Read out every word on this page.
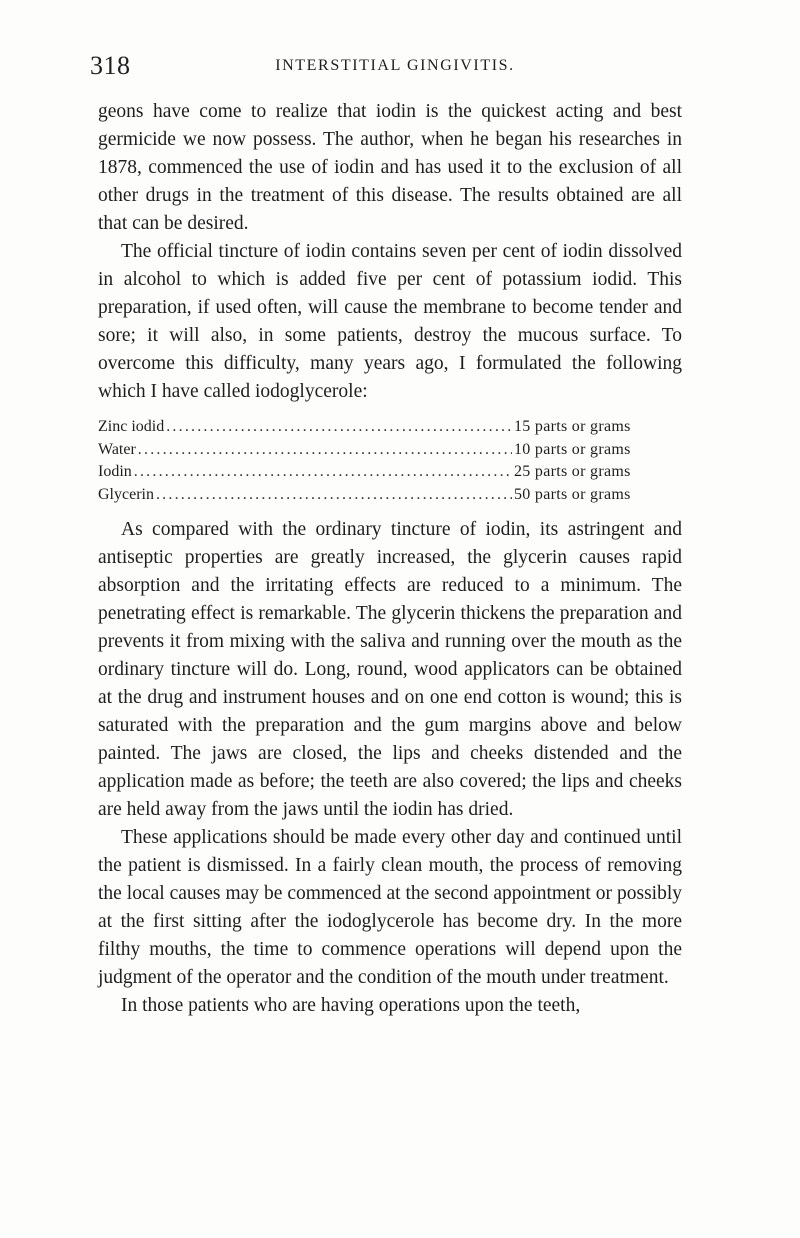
318	INTERSTITIAL GINGIVITIS.

geons have come to realize that iodin is the quickest acting and best germicide we now possess. The author, when he began his researches in 1878, commenced the use of iodin and has used it to the exclusion of all other drugs in the treatment of this disease. The results obtained are all that can be desired.

The official tincture of iodin contains seven per cent of iodin dissolved in alcohol to which is added five per cent of potassium iodid. This preparation, if used often, will cause the membrane to become tender and sore; it will also, in some patients, destroy the mucous surface. To overcome this difficulty, many years ago, I formulated the following which I have called iodoglycerole:

Zinc iodid .....	15 parts or grams
Water .....	10 parts or grams
Iodin .....	25 parts or grams
Glycerin .....	50 parts or grams

As compared with the ordinary tincture of iodin, its astringent and antiseptic properties are greatly increased, the glycerin causes rapid absorption and the irritating effects are reduced to a minimum. The penetrating effect is remarkable. The glycerin thickens the preparation and prevents it from mixing with the saliva and running over the mouth as the ordinary tincture will do. Long, round, wood applicators can be obtained at the drug and instrument houses and on one end cotton is wound; this is saturated with the preparation and the gum margins above and below painted. The jaws are closed, the lips and cheeks distended and the application made as before; the teeth are also covered; the lips and cheeks are held away from the jaws until the iodin has dried.

These applications should be made every other day and continued until the patient is dismissed. In a fairly clean mouth, the process of removing the local causes may be commenced at the second appointment or possibly at the first sitting after the iodoglycerole has become dry. In the more filthy mouths, the time to commence operations will depend upon the judgment of the operator and the condition of the mouth under treatment.

In those patients who are having operations upon the teeth,
